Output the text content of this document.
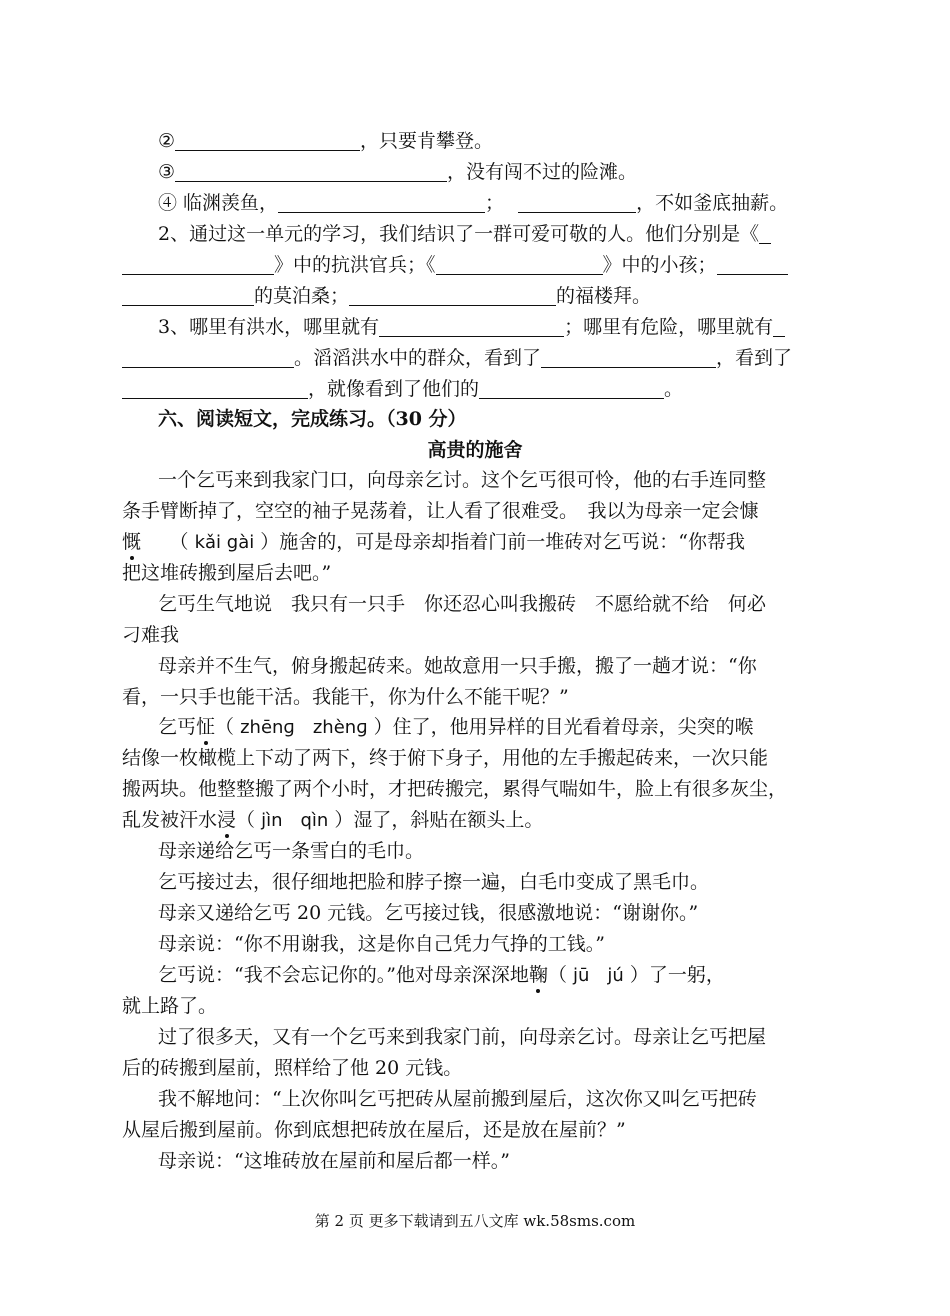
②	，只要肯攀登。
③	，没有闯不过的险滩。
④ 临渊羡鱼，	；	，不如釜底抽薪。
2、通过这一单元的学习，我们结识了一群可爱可敬的人。他们分别是《
》中的抗洪官兵；《	》中的小孩；
的莫泊桑；	的福楼拜。
3、哪里有洪水，哪里就有	；哪里有危险，哪里就有
。滔滔洪水中的群众，看到了	，看到了
，就像看到了他们的	。
六、阅读短文，完成练习。（30 分）
高贵的施舍
一个乞丐来到我家门口，向母亲乞讨。这个乞丐很可怜，他的右手连同整
条手臂断掉了，空空的袖子晃荡着，让人看了很难受。　我以为母亲一定会慷
慨　　 （ kǎi gài ）施舍的，可是母亲却指着门前一堆砖对乞丐说：“你帮我
把这堆砖搬到屋后去吧。”
乞丐生气地说　我只有一只手　你还忍心叫我搬砖　不愿给就不给　何必
刁难我
母亲并不生气，俯身搬起砖来。她故意用一只手搬，搬了一趟才说：“你
看，一只手也能干活。我能干，你为什么不能干呢？”
乞丐怔（ zhēnɡ　zhènɡ ）住了，他用异样的目光看着母亲，尖突的喉
结像一枚橄榄上下动了两下，终于俯下身子，用他的左手搬起砖来，一次只能
搬两块。他整整搬了两个小时，才把砖搬完，累得气喘如牛，脸上有很多灰尘，
乱发被汗水浸（ jìn　qìn ）湿了，斜贴在额头上。
母亲递给乞丐一条雪白的毛巾。
乞丐接过去，很仔细地把脸和脖子擦一遍，白毛巾变成了黑毛巾。
母亲又递给乞丐 20 元钱。乞丐接过钱，很感激地说：“谢谢你。”
母亲说：“你不用谢我，这是你自己凭力气挣的工钱。”
乞丐说：“我不会忘记你的。”他对母亲深深地鞠（ jū　jú ）了一躬，
就上路了。
过了很多天，又有一个乞丐来到我家门前，向母亲乞讨。母亲让乞丐把屋
后的砖搬到屋前，照样给了他 20 元钱。
我不解地问：“上次你叫乞丐把砖从屋前搬到屋后，这次你又叫乞丐把砖
从屋后搬到屋前。你到底想把砖放在屋后，还是放在屋前？”
母亲说：“这堆砖放在屋前和屋后都一样。”
第 2 页 更多下载请到五八文库 wk.58sms.com
